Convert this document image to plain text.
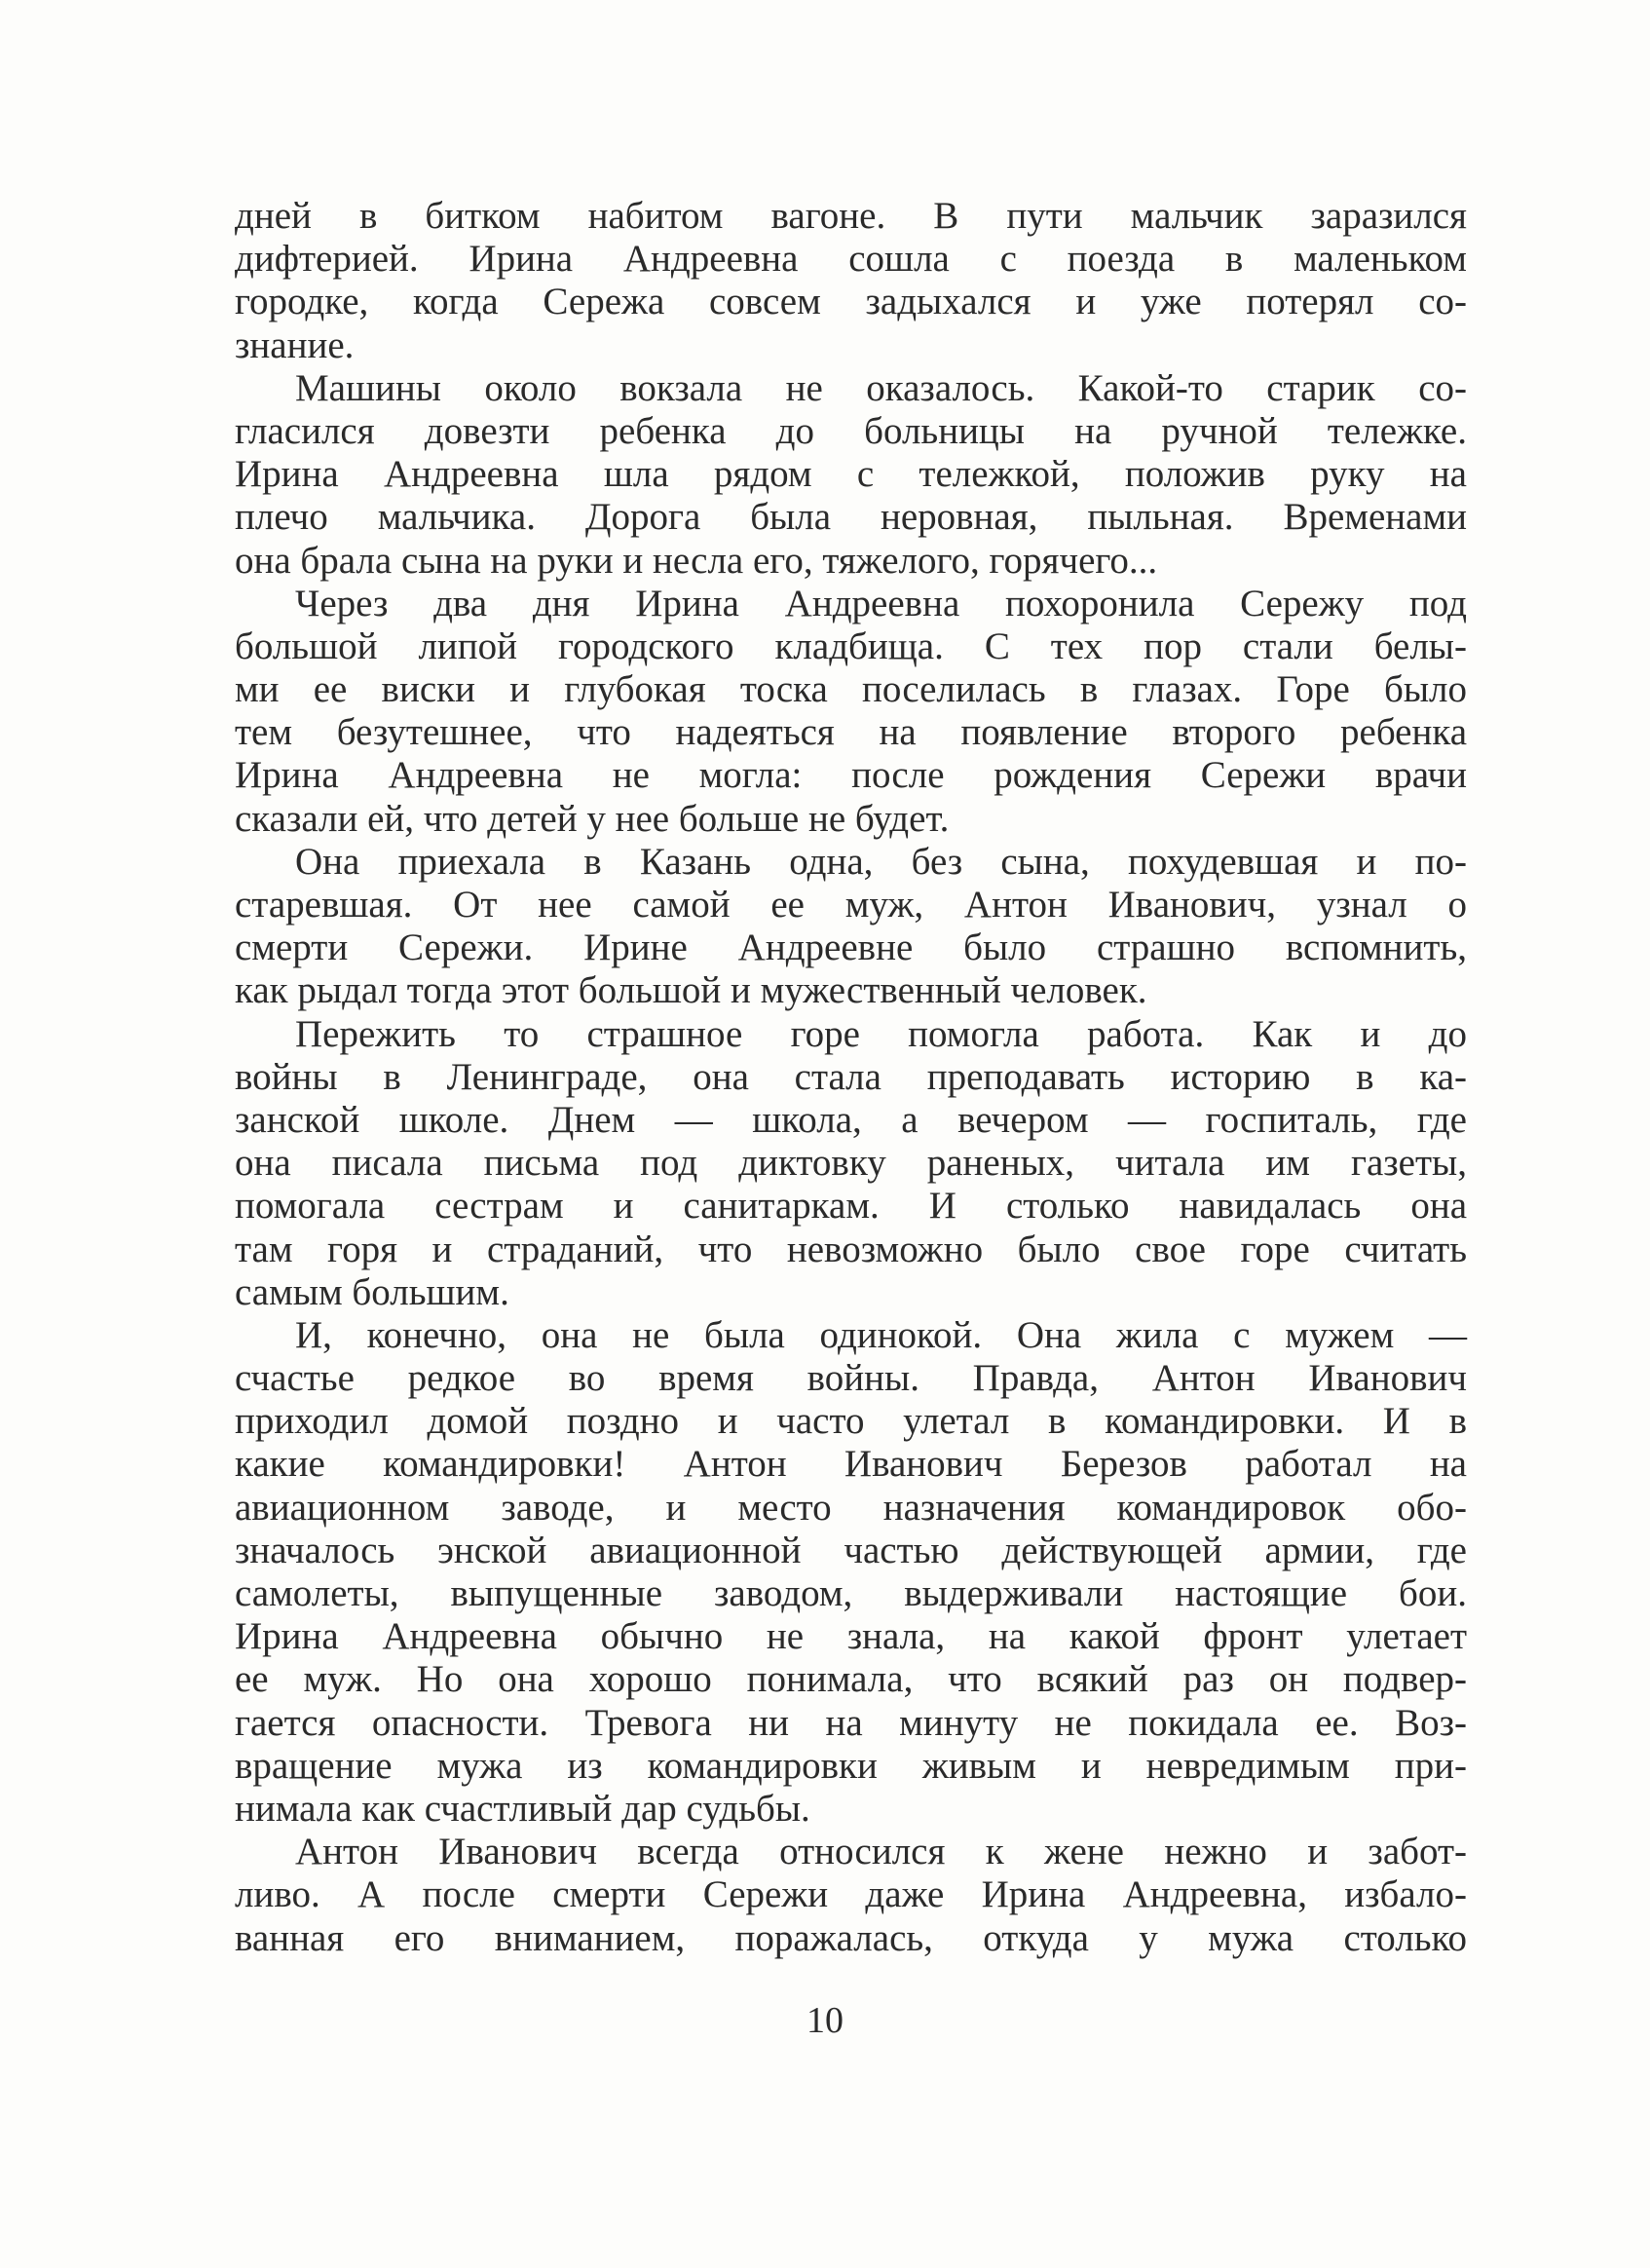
дней в битком набитом вагоне. В пути мальчик заразился
дифтерией. Ирина Андреевна сошла с поезда в маленьком
городке, когда Сережа совсем задыхался и уже потерял со-
знание.
Машины около вокзала не оказалось. Какой-то старик со-
гласился довезти ребенка до больницы на ручной тележке.
Ирина Андреевна шла рядом с тележкой, положив руку на
плечо мальчика. Дорога была неровная, пыльная. Временами
она брала сына на руки и несла его, тяжелого, горячего...
Через два дня Ирина Андреевна похоронила Сережу под
большой липой городского кладбища. С тех пор стали белы-
ми ее виски и глубокая тоска поселилась в глазах. Горе было
тем безутешнее, что надеяться на появление второго ребенка
Ирина Андреевна не могла: после рождения Сережи врачи
сказали ей, что детей у нее больше не будет.
Она приехала в Казань одна, без сына, похудевшая и по-
старевшая. От нее самой ее муж, Антон Иванович, узнал о
смерти Сережи. Ирине Андреевне было страшно вспомнить,
как рыдал тогда этот большой и мужественный человек.
Пережить то страшное горе помогла работа. Как и до
войны в Ленинграде, она стала преподавать историю в ка-
занской школе. Днем — школа, а вечером — госпиталь, где
она писала письма под диктовку раненых, читала им газеты,
помогала сестрам и санитаркам. И столько навидалась она
там горя и страданий, что невозможно было свое горе считать
самым большим.
И, конечно, она не была одинокой. Она жила с мужем —
счастье редкое во время войны. Правда, Антон Иванович
приходил домой поздно и часто улетал в командировки. И в
какие командировки! Антон Иванович Березов работал на
авиационном заводе, и место назначения командировок обо-
значалось энской авиационной частью действующей армии, где
самолеты, выпущенные заводом, выдерживали настоящие бои.
Ирина Андреевна обычно не знала, на какой фронт улетает
ее муж. Но она хорошо понимала, что всякий раз он подвер-
гается опасности. Тревога ни на минуту не покидала ее. Воз-
вращение мужа из командировки живым и невредимым при-
нимала как счастливый дар судьбы.
Антон Иванович всегда относился к жене нежно и забот-
ливо. А после смерти Сережи даже Ирина Андреевна, избало-
ванная его вниманием, поражалась, откуда у мужа столько
10
